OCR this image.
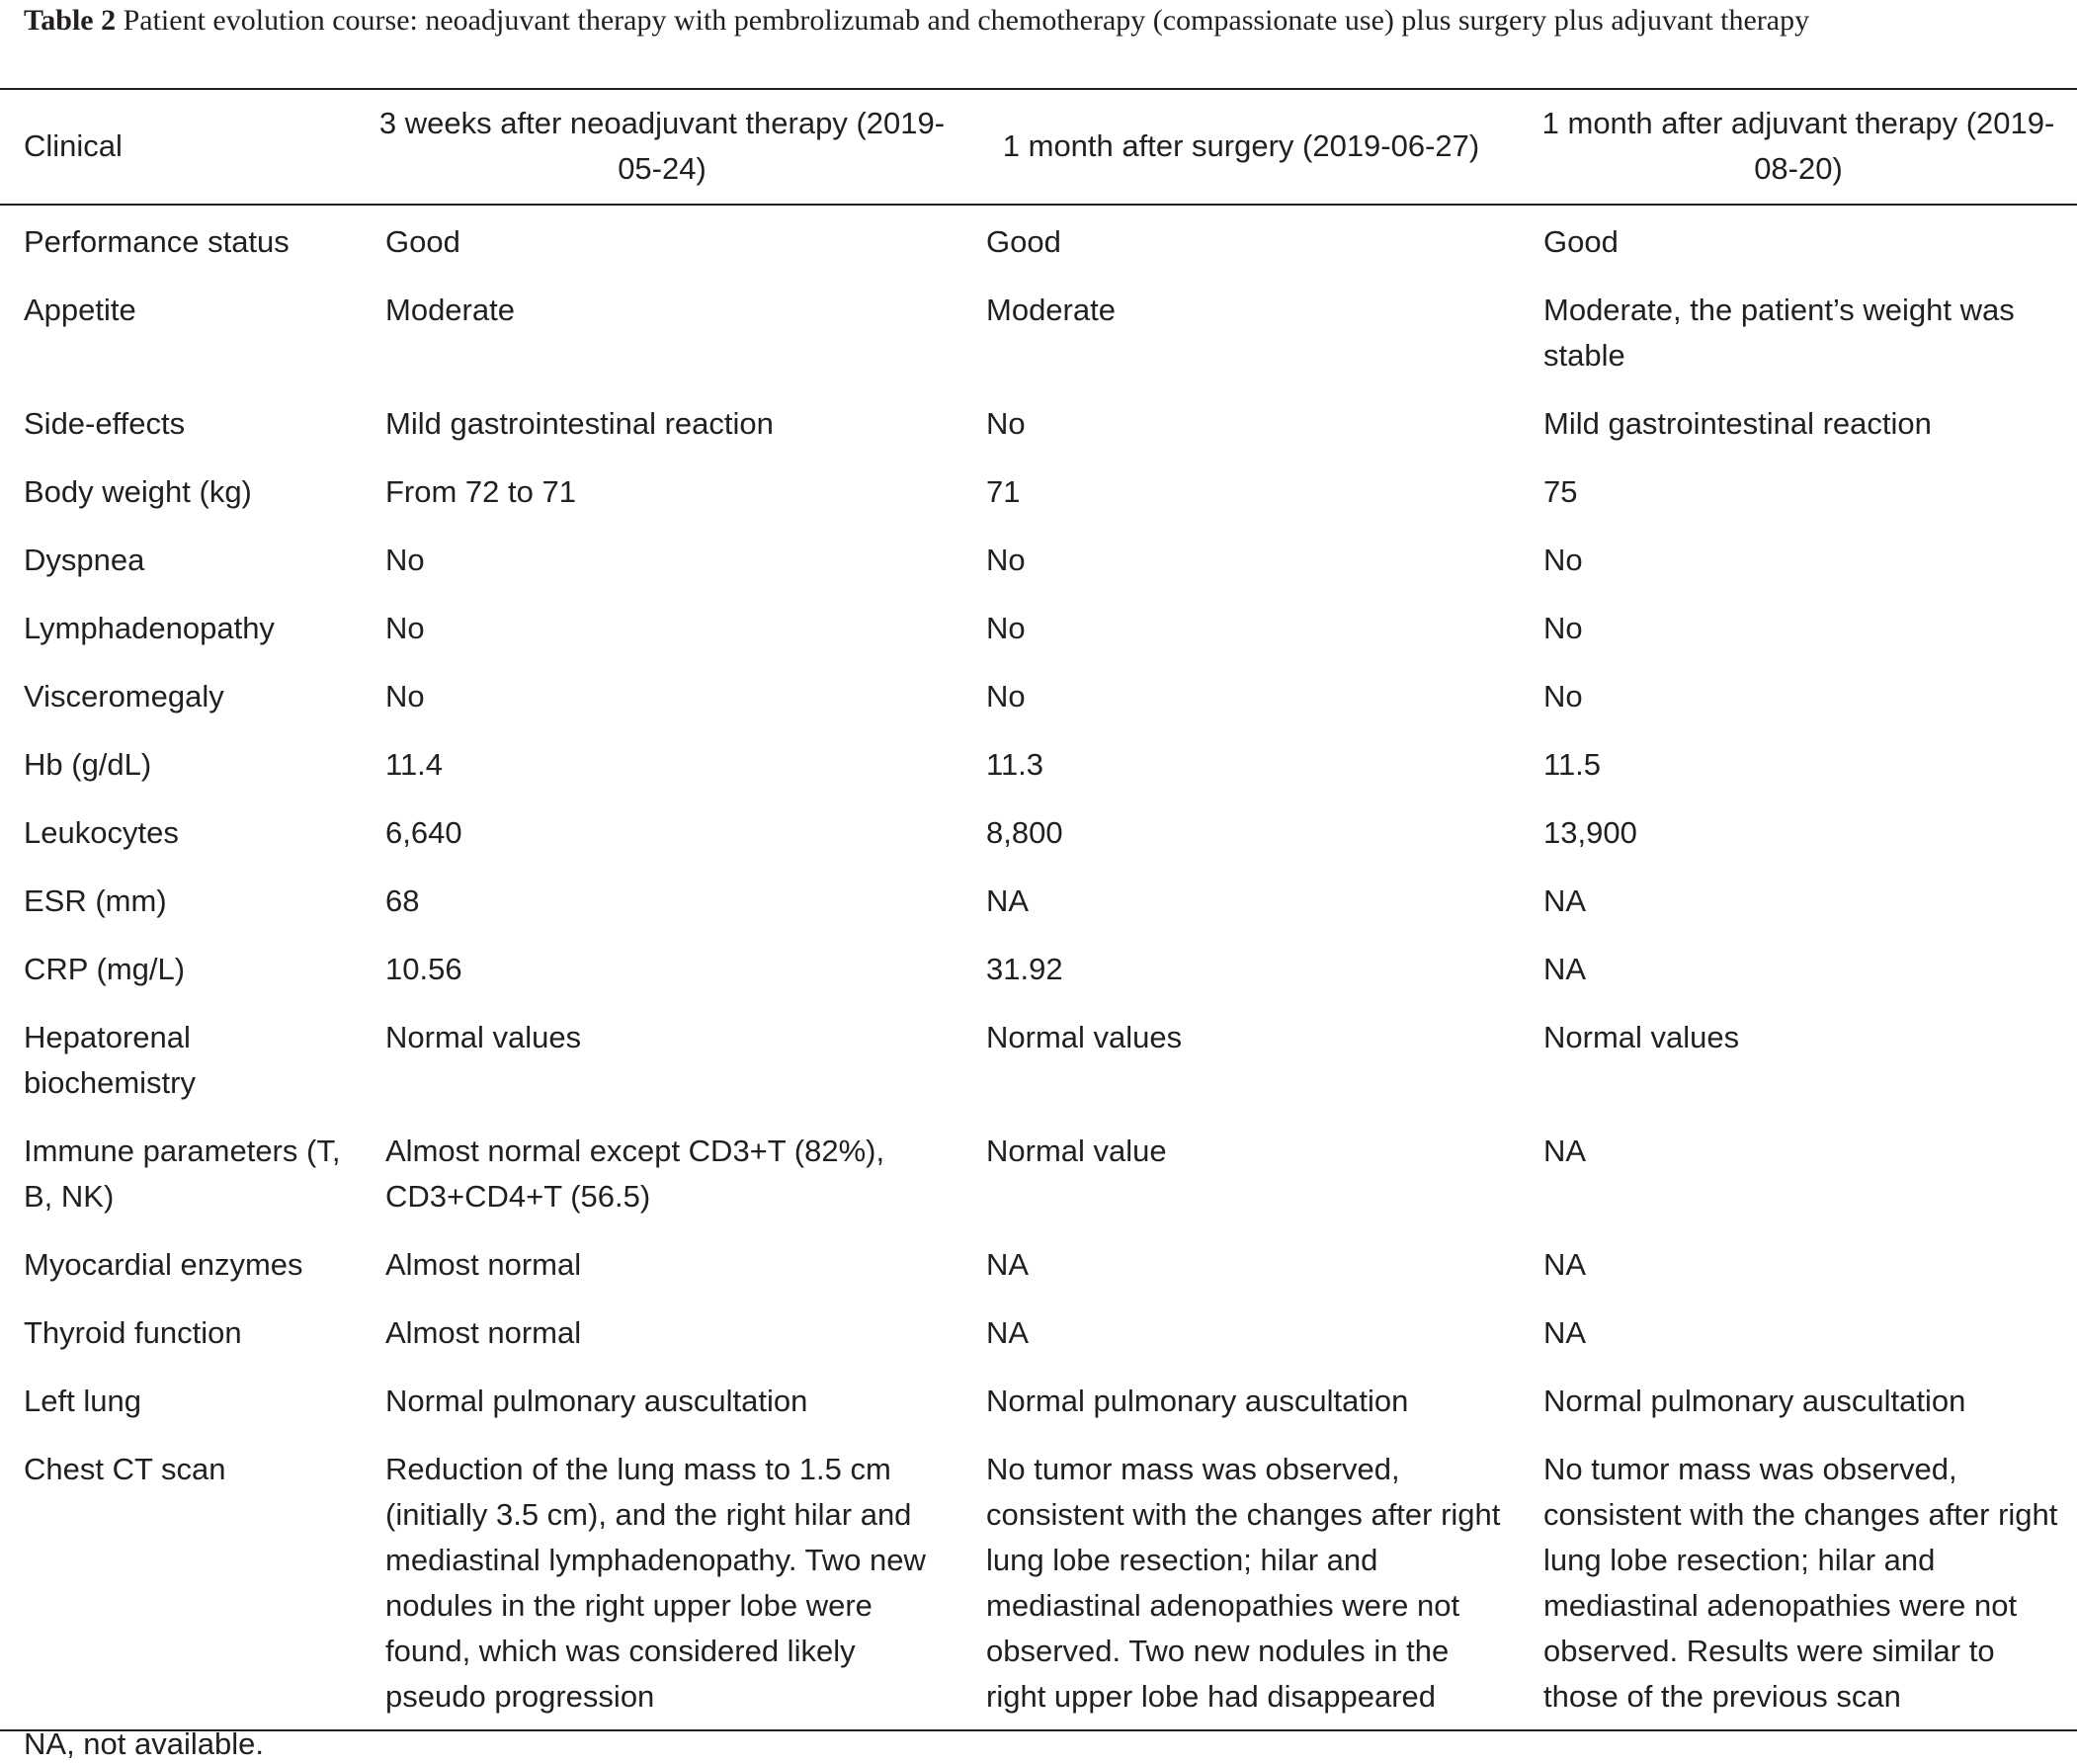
Table 2 Patient evolution course: neoadjuvant therapy with pembrolizumab and chemotherapy (compassionate use) plus surgery plus adjuvant therapy
Clinical	3 weeks after neoadjuvant therapy (2019-05-24)	1 month after surgery (2019-06-27)	1 month after adjuvant therapy (2019-08-20)
Performance status	Good	Good	Good
Appetite	Moderate	Moderate	Moderate, the patient’s weight was stable
Side-effects	Mild gastrointestinal reaction	No	Mild gastrointestinal reaction
Body weight (kg)	From 72 to 71	71	75
Dyspnea	No	No	No
Lymphadenopathy	No	No	No
Visceromegaly	No	No	No
Hb (g/dL)	11.4	11.3	11.5
Leukocytes	6,640	8,800	13,900
ESR (mm)	68	NA	NA
CRP (mg/L)	10.56	31.92	NA
Hepatorenal biochemistry	Normal values	Normal values	Normal values
Immune parameters (T, B, NK)	Almost normal except CD3+T (82%), CD3+CD4+T (56.5)	Normal value	NA
Myocardial enzymes	Almost normal	NA	NA
Thyroid function	Almost normal	NA	NA
Left lung	Normal pulmonary auscultation	Normal pulmonary auscultation	Normal pulmonary auscultation
Chest CT scan	Reduction of the lung mass to 1.5 cm (initially 3.5 cm), and the right hilar and mediastinal lymphadenopathy. Two new nodules in the right upper lobe were found, which was considered likely pseudo progression	No tumor mass was observed, consistent with the changes after right lung lobe resection; hilar and mediastinal adenopathies were not observed. Two new nodules in the right upper lobe had disappeared	No tumor mass was observed, consistent with the changes after right lung lobe resection; hilar and mediastinal adenopathies were not observed. Results were similar to those of the previous scan
NA, not available.
